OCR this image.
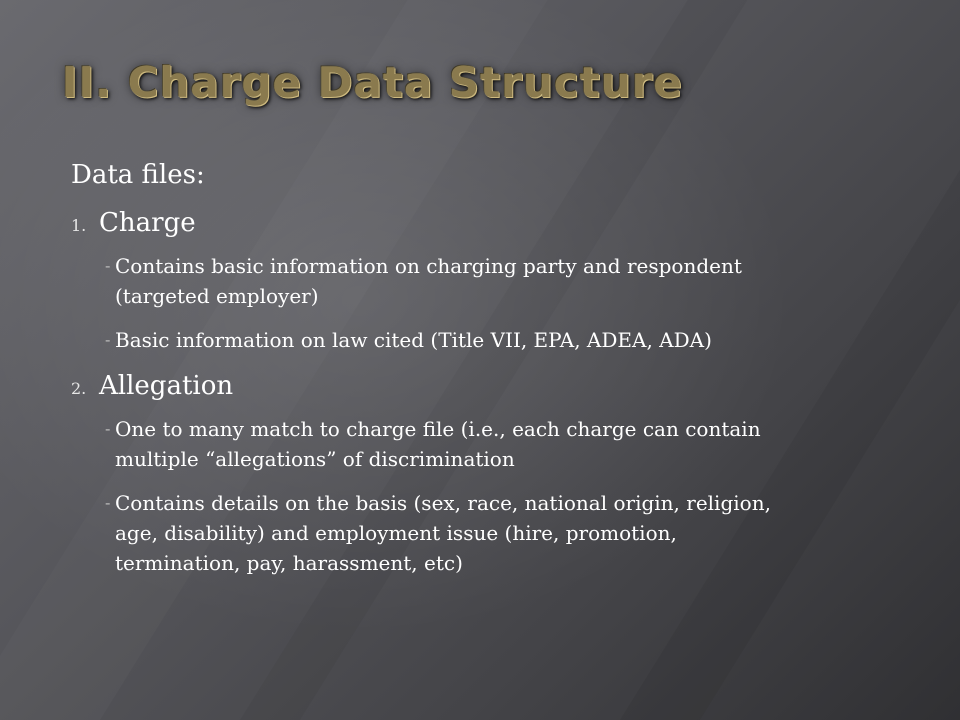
II. Charge Data Structure

Data files:

1. Charge
- Contains basic information on charging party and respondent (targeted employer)
- Basic information on law cited (Title VII, EPA, ADEA, ADA)
2. Allegation
- One to many match to charge file (i.e., each charge can contain multiple “allegations” of discrimination
- Contains details on the basis (sex, race, national origin, religion, age, disability) and employment issue (hire, promotion, termination, pay, harassment, etc)
